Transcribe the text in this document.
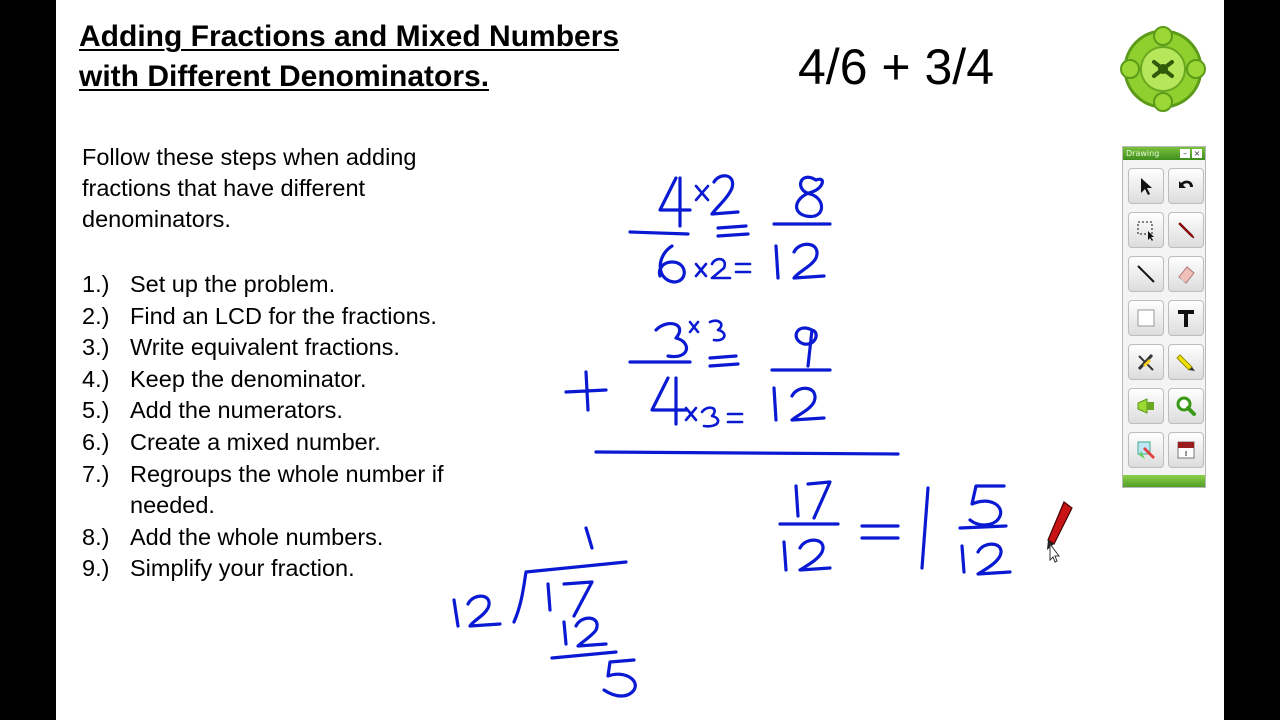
Adding Fractions and Mixed Numbers
with Different Denominators.	4/6 + 3/4
Follow these steps when adding fractions that have different denominators.
1.) Set up the problem.
2.) Find an LCD for the fractions.
3.) Write equivalent fractions.
4.) Keep the denominator.
5.) Add the numerators.
6.) Create a mixed number.
7.) Regroups the whole number if needed.
8.) Add the whole numbers.
9.) Simplify your fraction.
Drawing	– ×
